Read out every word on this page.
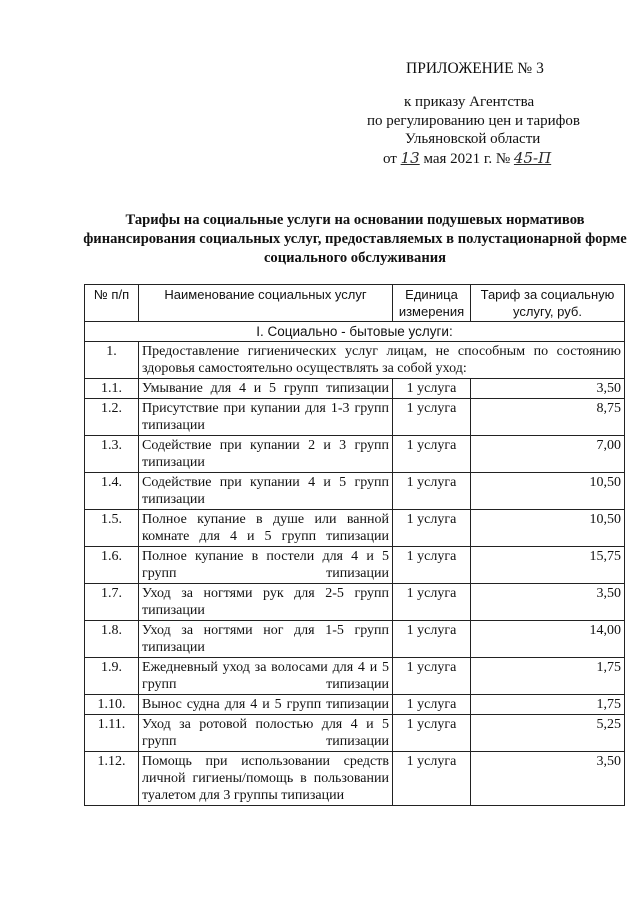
ПРИЛОЖЕНИЕ № 3
к приказу Агентства
по регулированию цен и тарифов
Ульяновской области
от 13 мая 2021 г. № 45-П
Тарифы на социальные услуги на основании подушевых нормативов финансирования социальных услуг, предоставляемых в полустационарной форме социального обслуживания
№ п/п	Наименование социальных услуг	Единица измерения	Тариф за социальную услугу, руб.
I. Социально - бытовые услуги:			
1.	Предоставление гигиенических услуг лицам, не способным по состоянию здоровья самостоятельно осуществлять за собой уход:		
1.1.	Умывание для 4 и 5 групп типизации	1 услуга	3,50
1.2.	Присутствие при купании для 1-3 групп типизации	1 услуга	8,75
1.3.	Содействие при купании 2 и 3 групп типизации	1 услуга	7,00
1.4.	Содействие при купании 4 и 5 групп типизации	1 услуга	10,50
1.5.	Полное купание в душе или ванной комнате для 4 и 5 групп типизации	1 услуга	10,50
1.6.	Полное купание в постели для 4 и 5 групп типизации	1 услуга	15,75
1.7.	Уход за ногтями рук для 2-5 групп типизации	1 услуга	3,50
1.8.	Уход за ногтями ног для 1-5 групп типизации	1 услуга	14,00
1.9.	Ежедневный уход за волосами для 4 и 5 групп типизации	1 услуга	1,75
1.10.	Вынос судна для 4 и 5 групп типизации	1 услуга	1,75
1.11.	Уход за ротовой полостью для 4 и 5 групп типизации	1 услуга	5,25
1.12.	Помощь при использовании средств личной гигиены/помощь в пользовании туалетом для 3 группы типизации	1 услуга	3,50
